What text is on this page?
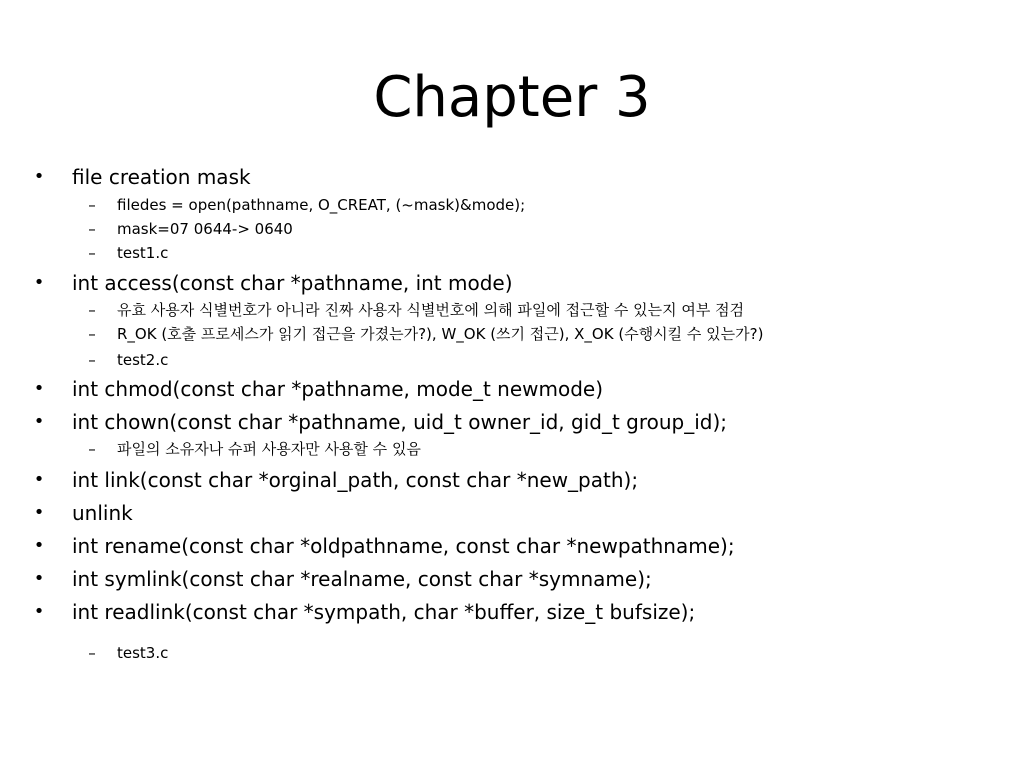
Chapter 3
• file creation mask
– filedes = open(pathname, O_CREAT, (~mask)&mode);
– mask=07 0644-> 0640
– test1.c
• int access(const char *pathname, int mode)
– 유효 사용자 식별번호가 아니라 진짜 사용자 식별번호에 의해 파일에 접근할 수 있는지 여부 점검
– R_OK (호출 프로세스가 읽기 접근을 가졌는가?), W_OK (쓰기 접근), X_OK (수행시킬 수 있는가?)
– test2.c
• int chmod(const char *pathname, mode_t newmode)
• int chown(const char *pathname, uid_t owner_id, gid_t group_id);
– 파일의 소유자나 슈퍼 사용자만 사용할 수 있음
• int link(const char *orginal_path, const char *new_path);
• unlink
• int rename(const char *oldpathname, const char *newpathname);
• int symlink(const char *realname, const char *symname);
• int readlink(const char *sympath, char *buffer, size_t bufsize);
– test3.c
